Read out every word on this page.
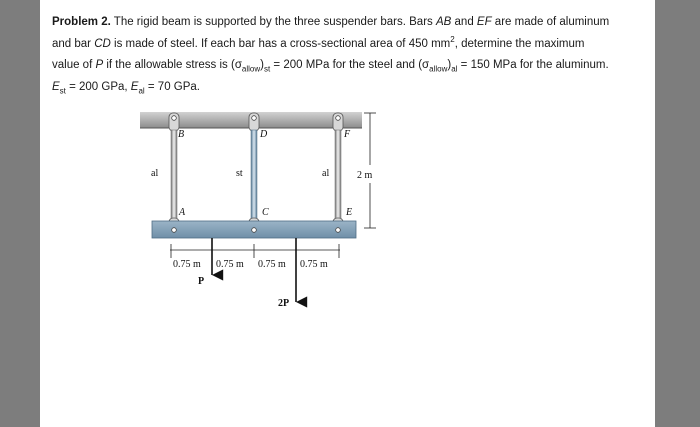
Problem 2. The rigid beam is supported by the three suspender bars. Bars AB and EF are made of aluminum and bar CD is made of steel. If each bar has a cross-sectional area of 450 $mm^2$, determine the maximum value of P if the allowable stress is $(\sigma_{allow})_{st} = 200$ MPa for the steel and $(\sigma_{allow})_{al} = 150$ MPa for the aluminum. $E_{st} = 200$ GPa, $E_{al} = 70$ GPa.

B	D	F
A	C	E
al	st	al	2 m
0.75 m 0.75 m 0.75 m 0.75 m
P
2P
